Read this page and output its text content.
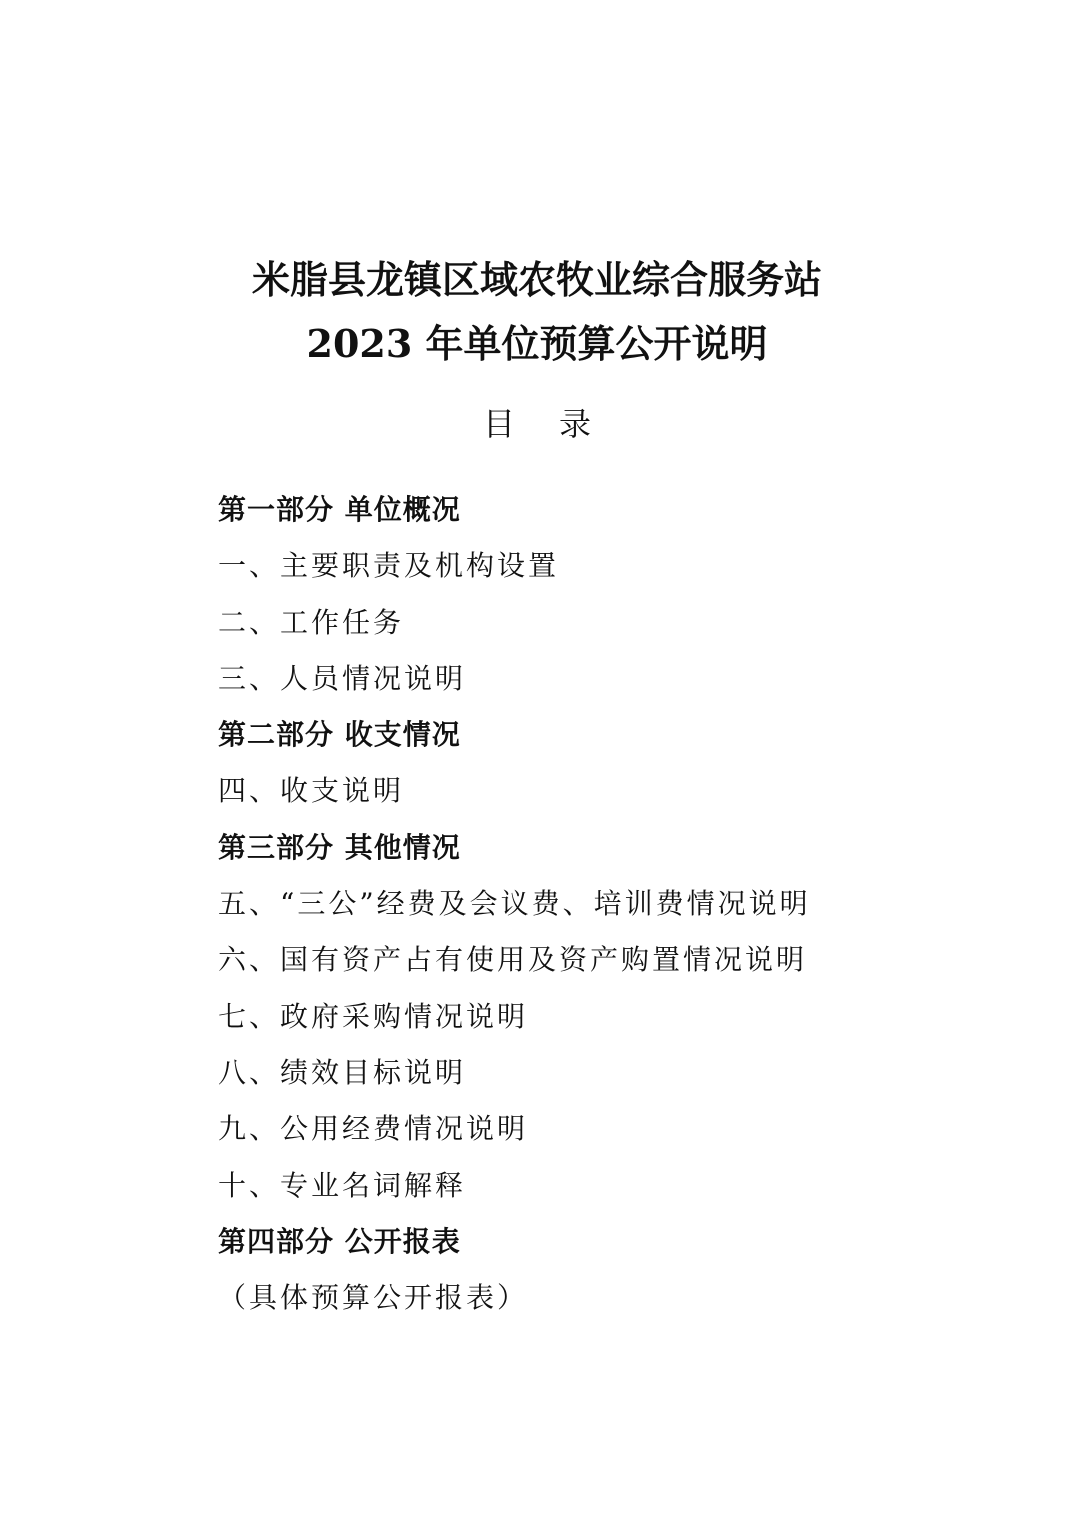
米脂县龙镇区域农牧业综合服务站
2023 年单位预算公开说明
目录
第一部分 单位概况
一、主要职责及机构设置
二、工作任务
三、人员情况说明
第二部分 收支情况
四、收支说明
第三部分 其他情况
五、“三公”经费及会议费、培训费情况说明
六、国有资产占有使用及资产购置情况说明
七、政府采购情况说明
八、绩效目标说明
九、公用经费情况说明
十、专业名词解释
第四部分 公开报表
（具体预算公开报表）
